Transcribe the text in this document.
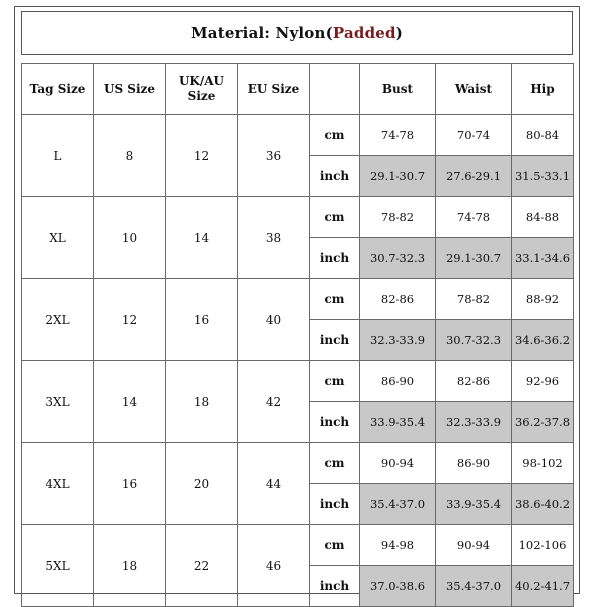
Material: Nylon( Padded )
Tag Size	US Size	UK/AU Size	EU Size		Bust	Waist	Hip
L	8	12	36	cm	74-78	70-74	80-84
				inch	29.1-30.7	27.6-29.1	31.5-33.1
XL	10	14	38	cm	78-82	74-78	84-88
				inch	30.7-32.3	29.1-30.7	33.1-34.6
2XL	12	16	40	cm	82-86	78-82	88-92
				inch	32.3-33.9	30.7-32.3	34.6-36.2
3XL	14	18	42	cm	86-90	82-86	92-96
				inch	33.9-35.4	32.3-33.9	36.2-37.8
4XL	16	20	44	cm	90-94	86-90	98-102
				inch	35.4-37.0	33.9-35.4	38.6-40.2
5XL	18	22	46	cm	94-98	90-94	102-106
				inch	37.0-38.6	35.4-37.0	40.2-41.7
